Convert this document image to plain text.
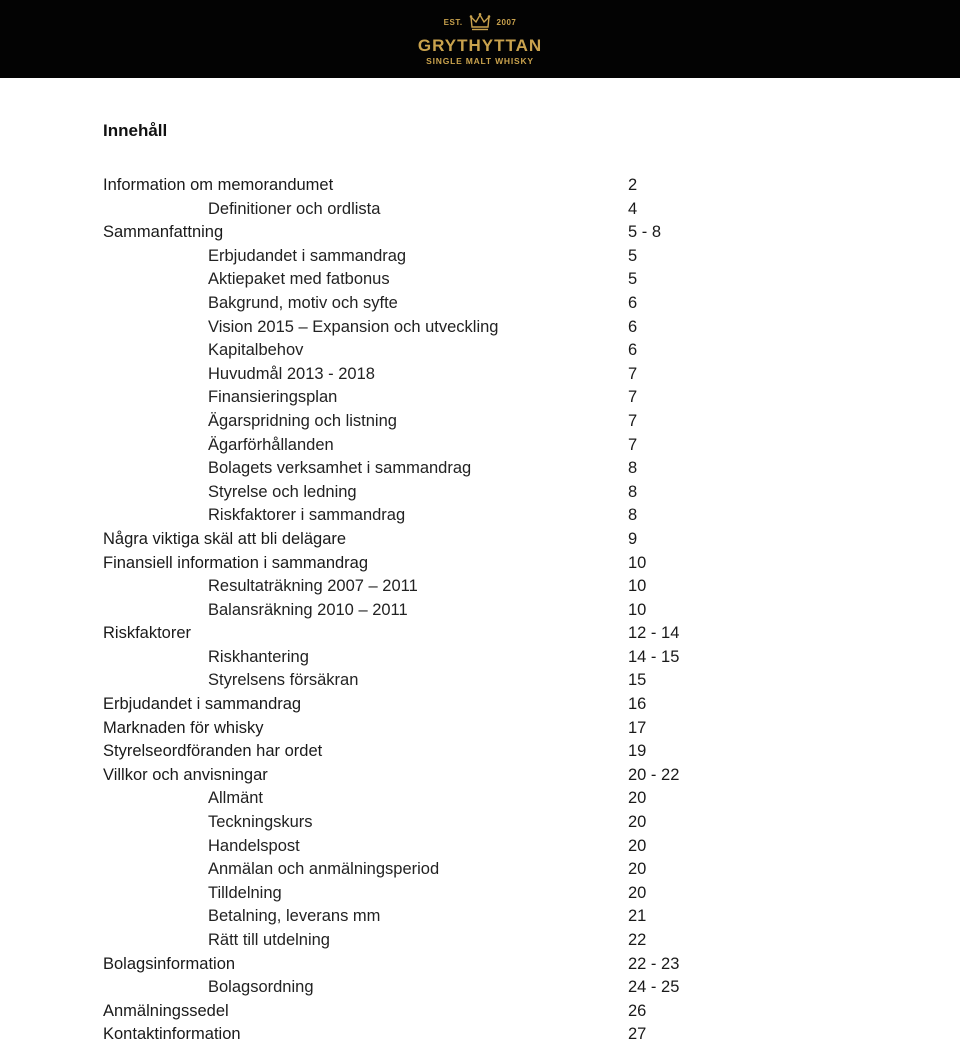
EST.	2007
GRYTHYTTAN
SINGLE MALT WHISKY
Innehåll
Information om memorandumet	2
Definitioner och ordlista	4
Sammanfattning	5 - 8
Erbjudandet i sammandrag	5
Aktiepaket med fatbonus	5
Bakgrund, motiv och syfte	6
Vision 2015 – Expansion och utveckling	6
Kapitalbehov	6
Huvudmål 2013 - 2018	7
Finansieringsplan	7
Ägarspridning och listning	7
Ägarförhållanden	7
Bolagets verksamhet i sammandrag	8
Styrelse och ledning	8
Riskfaktorer i sammandrag	8
Några viktiga skäl att bli delägare	9
Finansiell information i sammandrag	10
Resultaträkning 2007 – 2011	10
Balansräkning 2010 – 2011	10
Riskfaktorer	12 - 14
Riskhantering	14 - 15
Styrelsens försäkran	15
Erbjudandet i sammandrag	16
Marknaden för whisky	17
Styrelseordföranden har ordet	19
Villkor och anvisningar	20 - 22
Allmänt	20
Teckningskurs	20
Handelspost	20
Anmälan och anmälningsperiod	20
Tilldelning	20
Betalning, leverans mm	21
Rätt till utdelning	22
Bolagsinformation	22 - 23
Bolagsordning	24 - 25
Anmälningssedel	26
Kontaktinformation	27
